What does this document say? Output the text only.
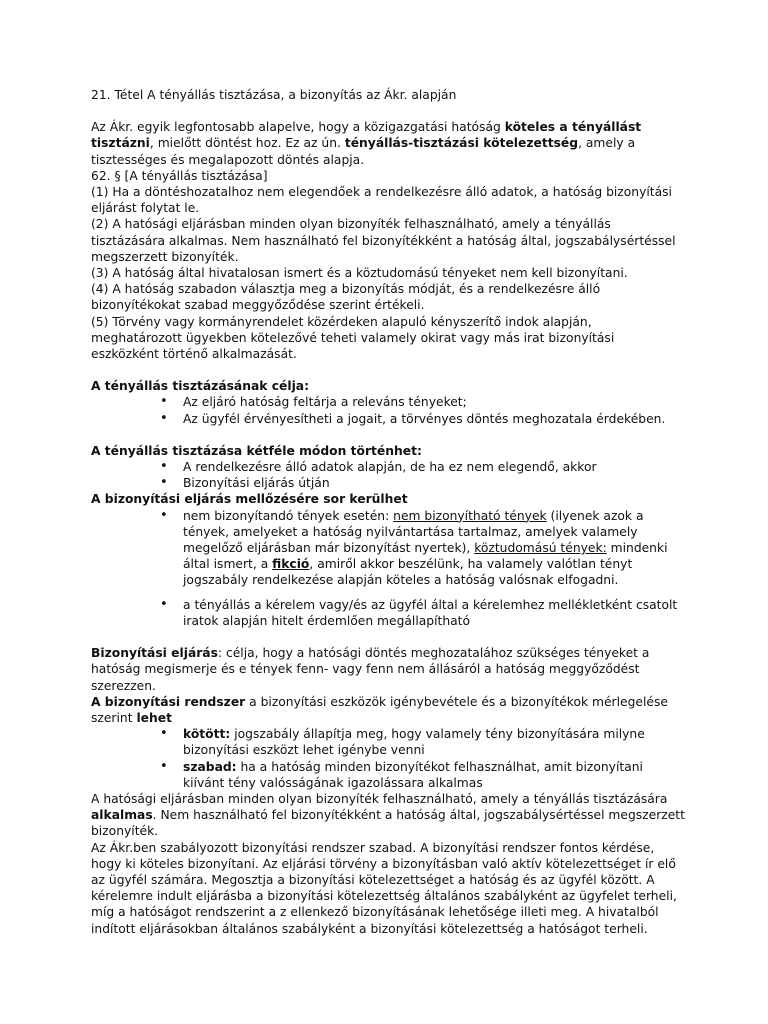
21. Tétel A tényállás tisztázása, a bizonyítás az Ákr. alapján

Az Ákr. egyik legfontosabb alapelve, hogy a közigazgatási hatóság köteles a tényállást tisztázni, mielőtt döntést hoz. Ez az ún. tényállás-tisztázási kötelezettség, amely a tisztességes és megalapozott döntés alapja.

62. § [A tényállás tisztázása]

(1) Ha a döntéshozatalhoz nem elegendőek a rendelkezésre álló adatok, a hatóság bizonyítási eljárást folytat le.

(2) A hatósági eljárásban minden olyan bizonyíték felhasználható, amely a tényállás tisztázására alkalmas. Nem használható fel bizonyítékként a hatóság által, jogszabálysértéssel megszerzett bizonyíték.

(3) A hatóság által hivatalosan ismert és a köztudomású tényeket nem kell bizonyítani.

(4) A hatóság szabadon választja meg a bizonyítás módját, és a rendelkezésre álló bizonyítékokat szabad meggyőződése szerint értékeli.

(5) Törvény vagy kormányrendelet közérdeken alapuló kényszerítő indok alapján, meghatározott ügyekben kötelezővé teheti valamely okirat vagy más irat bizonyítási eszközként történő alkalmazását.

A tényállás tisztázásának célja:

• Az eljáró hatóság feltárja a releváns tényeket;
• Az ügyfél érvényesítheti a jogait, a törvényes döntés meghozatala érdekében.

A tényállás tisztázása kétféle módon történhet:

• A rendelkezésre álló adatok alapján, de ha ez nem elegendő, akkor
• Bizonyítási eljárás útján

A bizonyítási eljárás mellőzésére sor kerülhet

• nem bizonyítandó tények esetén: nem bizonyítható tények (ilyenek azok a tények, amelyeket a hatóság nyilvántartása tartalmaz, amelyek valamely megelőző eljárásban már bizonyítást nyertek), köztudomású tények: mindenki által ismert, a fikció, amiről akkor beszélünk, ha valamely valótlan tényt jogszabály rendelkezése alapján köteles a hatóság valósnak elfogadni.
• a tényállás a kérelem vagy/és az ügyfél által a kérelemhez mellékletként csatolt iratok alapján hitelt érdemlően megállapítható

Bizonyítási eljárás: célja, hogy a hatósági döntés meghozatalához szükséges tényeket a hatóság megismerje és e tények fenn- vagy fenn nem állásáról a hatóság meggyőződést szerezzen.

A bizonyítási rendszer a bizonyítási eszközök igénybevétele és a bizonyítékok mérlegelése szerint lehet

• kötött: jogszabály állapítja meg, hogy valamely tény bizonyítására milyne bizonyítási eszközt lehet igénybe venni
• szabad: ha a hatóság minden bizonyítékot felhasználhat, amit bizonyítani kiívánt tény valósságának igazolássara alkalmas

A hatósági eljárásban minden olyan bizonyíték felhasználható, amely a tényállás tisztázására alkalmas. Nem használható fel bizonyítékként a hatóság által, jogszabálysértéssel megszerzett bizonyíték.

Az Ákr.ben szabályozott bizonyítási rendszer szabad. A bizonyítási rendszer fontos kérdése, hogy ki köteles bizonyítani. Az eljárási törvény a bizonyításban való aktív kötelezettséget ír elő az ügyfél számára. Megosztja a bizonyítási kötelezettséget a hatóság és az ügyfél között. A kérelemre indult eljárásba a bizonyítási kötelezettség általános szabályként az ügyfelet terheli, míg a hatóságot rendszerint a z ellenkező bizonyításának lehetősége illeti meg. A hivatalból indított eljárásokban általános szabályként a bizonyítási kötelezettség a hatóságot terheli.
